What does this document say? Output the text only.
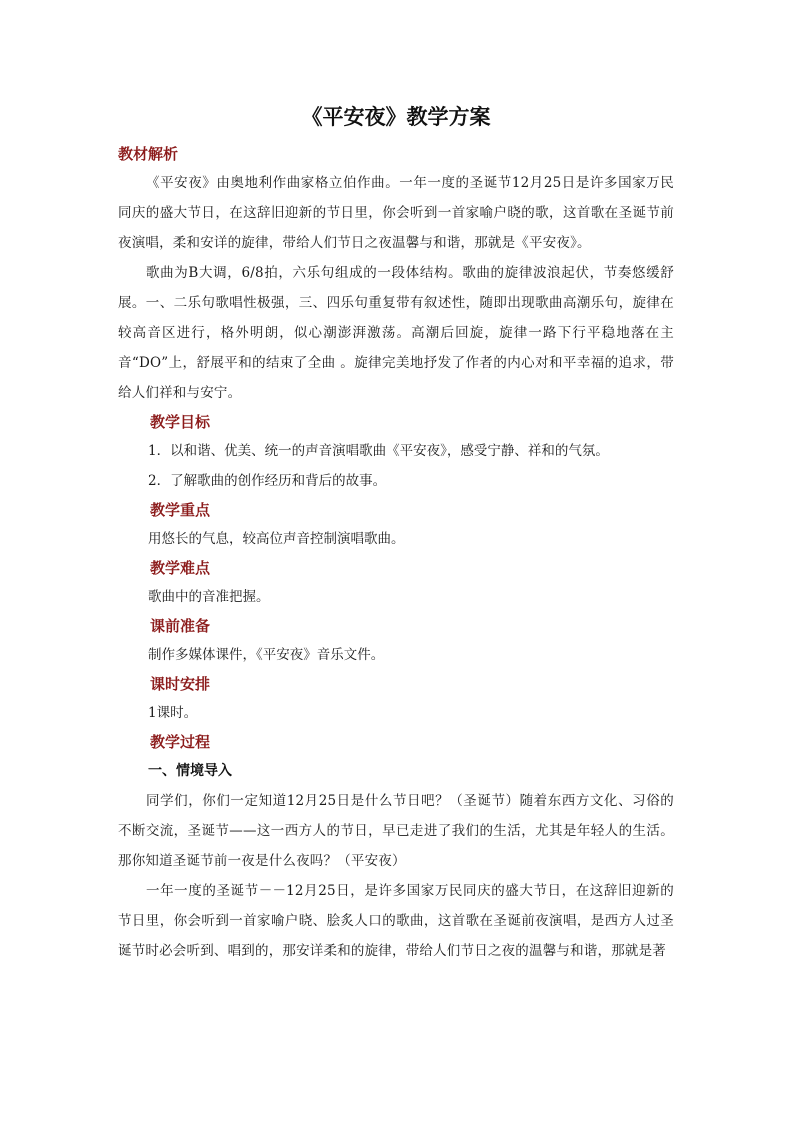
《平安夜》教学方案
教材解析

《平安夜》由奥地利作曲家格立伯作曲。一年一度的圣诞节12月25日是许多国家万民同庆的盛大节日，在这辞旧迎新的节日里，你会听到一首家喻户晓的歌，这首歌在圣诞节前夜演唱，柔和安详的旋律，带给人们节日之夜温馨与和谐，那就是《平安夜》。

歌曲为B大调，6/8拍，六乐句组成的一段体结构。歌曲的旋律波浪起伏，节奏悠缓舒展。一、二乐句歌唱性极强，三、四乐句重复带有叙述性，随即出现歌曲高潮乐句，旋律在较高音区进行，格外明朗，似心潮澎湃激荡。高潮后回旋，旋律一路下行平稳地落在主音“DO”上，舒展平和的结束了全曲 。旋律完美地抒发了作者的内心对和平幸福的追求，带给人们祥和与安宁。

教学目标

1．以和谐、优美、统一的声音演唱歌曲《平安夜》，感受宁静、祥和的气氛。

2．了解歌曲的创作经历和背后的故事。

教学重点

用悠长的气息，较高位声音控制演唱歌曲。

教学难点

歌曲中的音准把握。

课前准备

制作多媒体课件，《平安夜》音乐文件。

课时安排

1课时。

教学过程
一、情境导入

同学们，你们一定知道12月25日是什么节日吧？（圣诞节）随着东西方文化、习俗的不断交流，圣诞节——这一西方人的节日，早已走进了我们的生活，尤其是年轻人的生活。那你知道圣诞节前一夜是什么夜吗？（平安夜）

一年一度的圣诞节－－12月25日，是许多国家万民同庆的盛大节日，在这辞旧迎新的节日里，你会听到一首家喻户晓、脍炙人口的歌曲，这首歌在圣诞前夜演唱，是西方人过圣诞节时必会听到、唱到的，那安详柔和的旋律，带给人们节日之夜的温馨与和谐，那就是著
